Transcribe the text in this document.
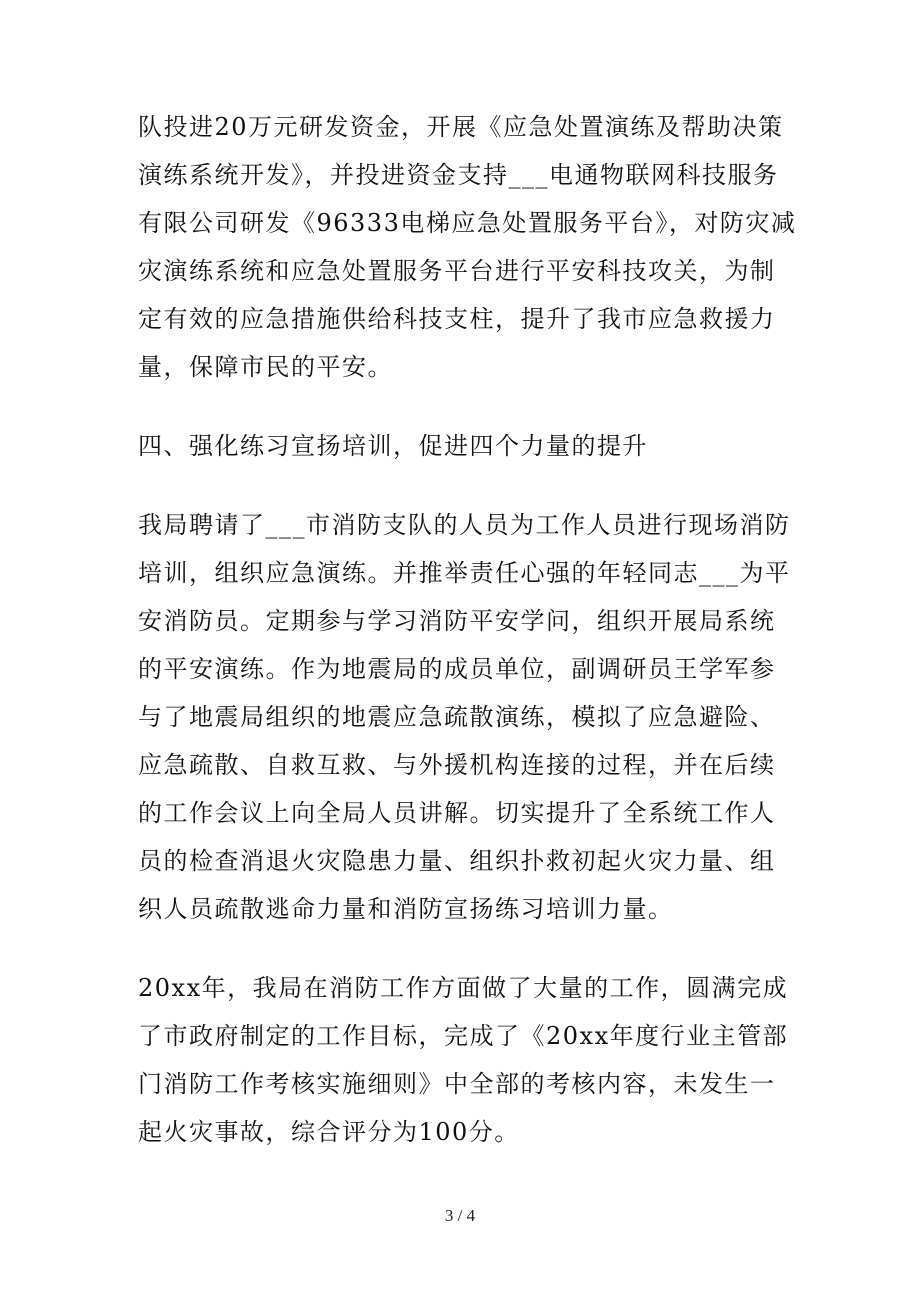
队投进20万元研发资金，开展《应急处置演练及帮助决策
演练系统开发》，并投进资金支持___电通物联网科技服务
有限公司研发《96333电梯应急处置服务平台》，对防灾减
灾演练系统和应急处置服务平台进行平安科技攻关，为制
定有效的应急措施供给科技支柱，提升了我市应急救援力
量，保障市民的平安。
四、强化练习宣扬培训，促进四个力量的提升
我局聘请了___市消防支队的人员为工作人员进行现场消防
培训，组织应急演练。并推举责任心强的年轻同志___为平
安消防员。定期参与学习消防平安学问，组织开展局系统
的平安演练。作为地震局的成员单位，副调研员王学军参
与了地震局组织的地震应急疏散演练，模拟了应急避险、
应急疏散、自救互救、与外援机构连接的过程，并在后续
的工作会议上向全局人员讲解。切实提升了全系统工作人
员的检查消退火灾隐患力量、组织扑救初起火灾力量、组
织人员疏散逃命力量和消防宣扬练习培训力量。
20xx年，我局在消防工作方面做了大量的工作，圆满完成
了市政府制定的工作目标，完成了《20xx年度行业主管部
门消防工作考核实施细则》中全部的考核内容，未发生一
起火灾事故，综合评分为100分。
3 / 4
